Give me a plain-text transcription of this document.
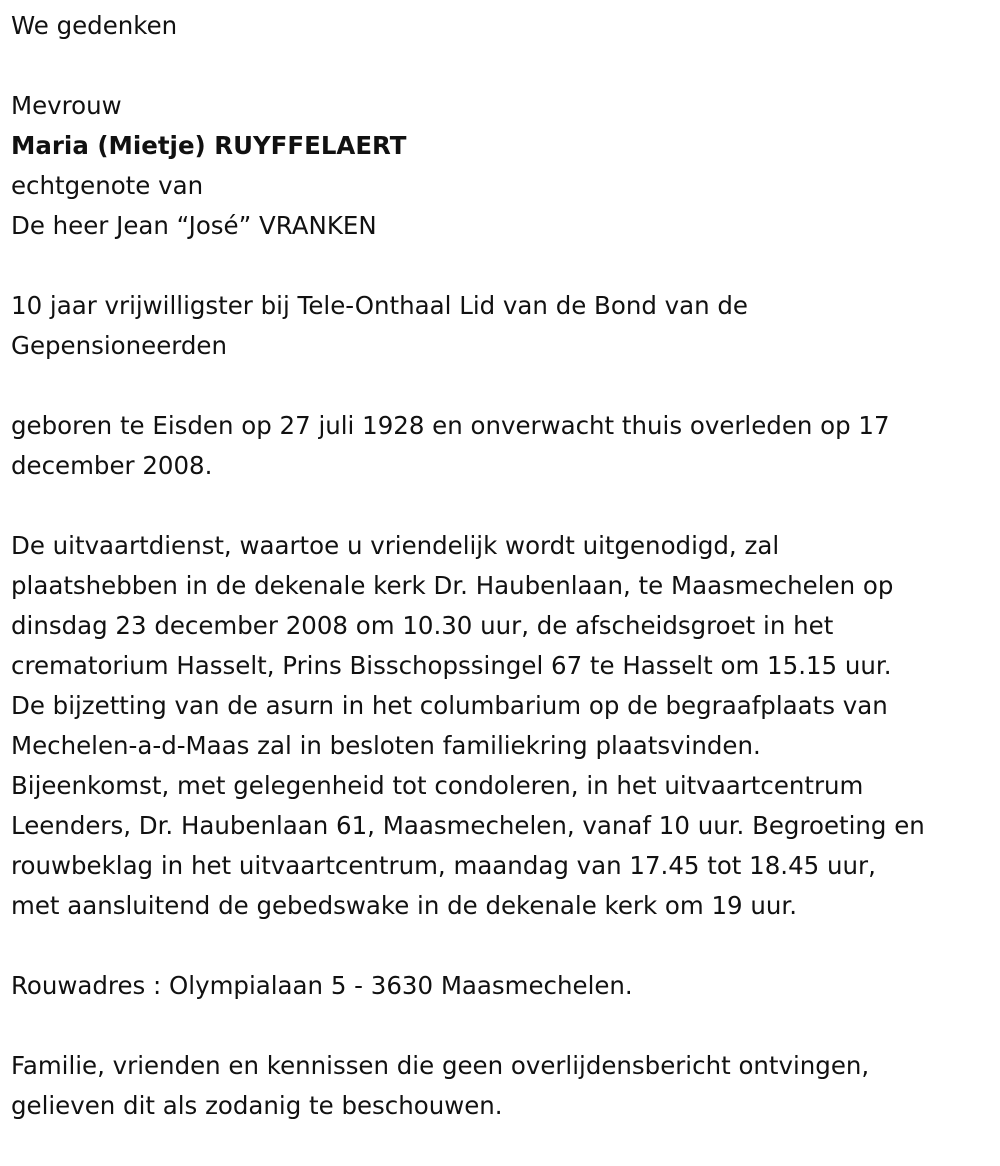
We gedenken
Mevrouw
Maria (Mietje) RUYFFELAERT
echtgenote van
De heer Jean “José” VRANKEN
10 jaar vrijwilligster bij Tele-Onthaal Lid van de Bond van de
Gepensioneerden
geboren te Eisden op 27 juli 1928 en onverwacht thuis overleden op 17
december 2008.
De uitvaartdienst, waartoe u vriendelijk wordt uitgenodigd, zal
plaatshebben in de dekenale kerk Dr. Haubenlaan, te Maasmechelen op
dinsdag 23 december 2008 om 10.30 uur, de afscheidsgroet in het
crematorium Hasselt, Prins Bisschopssingel 67 te Hasselt om 15.15 uur.
De bijzetting van de asurn in het columbarium op de begraafplaats van
Mechelen-a-d-Maas zal in besloten familiekring plaatsvinden.
Bijeenkomst, met gelegenheid tot condoleren, in het uitvaartcentrum
Leenders, Dr. Haubenlaan 61, Maasmechelen, vanaf 10 uur. Begroeting en
rouwbeklag in het uitvaartcentrum, maandag van 17.45 tot 18.45 uur,
met aansluitend de gebedswake in de dekenale kerk om 19 uur.
Rouwadres : Olympialaan 5 - 3630 Maasmechelen.
Familie, vrienden en kennissen die geen overlijdensbericht ontvingen,
gelieven dit als zodanig te beschouwen.
